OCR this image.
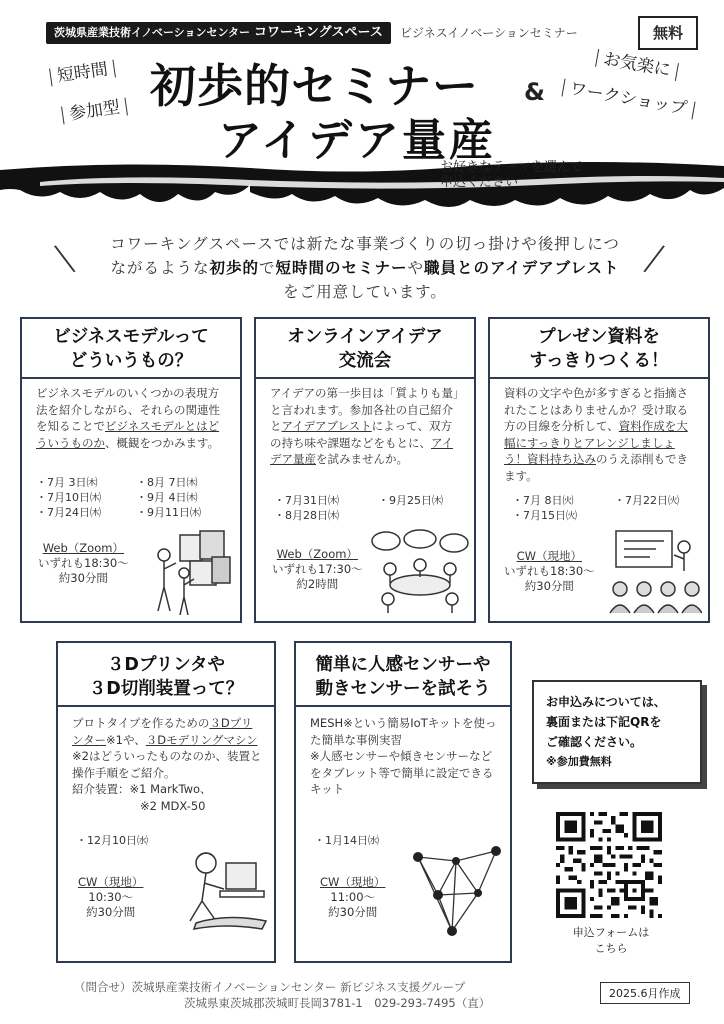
茨城県産業技術イノベーションセンター コワーキングスペース	ビジネスイノベーションセミナー	無料
短時間
参加型
お気楽に
ワークショップ
初歩的セミナー &
アイデア量産
お好きなテーマを選んで
申込ください
\	/
コワーキングスペースでは新たな事業づくりの切っ掛けや後押しにつ
ながるような初歩的で短時間のセミナーや職員とのアイデアブレスト
をご用意しています。
ビジネスモデルって
どういうもの？
ビジネスモデルのいくつかの表現方法を紹介しながら、それらの関連性を知ることでビジネスモデルとはどういうものか、概観をつかみます。
・7月 3日㈭
・7月10日㈭
・7月24日㈭
・8月 7日㈭
・9月 4日㈭
・9月11日㈭
Web（Zoom）
いずれも18:30～
約30分間
オンラインアイデア
交流会
アイデアの第一歩目は「質よりも量」と言われます。参加各社の自己紹介とアイデアブレストによって、双方の持ち味や課題などをもとに、アイデア量産を試みませんか。
・7月31日㈭
・8月28日㈭
・9月25日㈭
Web（Zoom）
いずれも17:30～
約2時間
プレゼン資料を
すっきりつくる！
資料の文字や色が多すぎると指摘されたことはありませんか？受け取る方の目線を分析して、資料作成を大幅にすっきりとアレンジしましょう！資料持ち込みのうえ添削もできます。
・7月 8日㈫
・7月15日㈫
・7月22日㈫
CW（現地）
いずれも18:30～
約30分間
３Dプリンタや
３D切削装置って？
プロトタイプを作るための３Dプリンター※1や、３Dモデリングマシン※2はどういったものなのか、装置と操作手順をご紹介。
紹介装置：※1 MarkTwo、
※2 MDX-50
・12月10日㈬
CW（現地）
10:30～
約30分間
簡単に人感センサーや
動きセンサーを試そう
MESH※という簡易IoTキットを使った簡単な事例実習
※人感センサーや傾きセンサーなどをタブレット等で簡単に設定できるキット
・1月14日㈬
CW（現地）
11:00～
約30分間
お申込みについては、
裏面または下記QRを
ご確認ください。
※参加費無料
申込フォームは
こちら
（問合せ）茨城県産業技術イノベーションセンター 新ビジネス支援グループ
茨城県東茨城郡茨城町長岡3781-1　029-293-7495（直）
2025.6月作成
